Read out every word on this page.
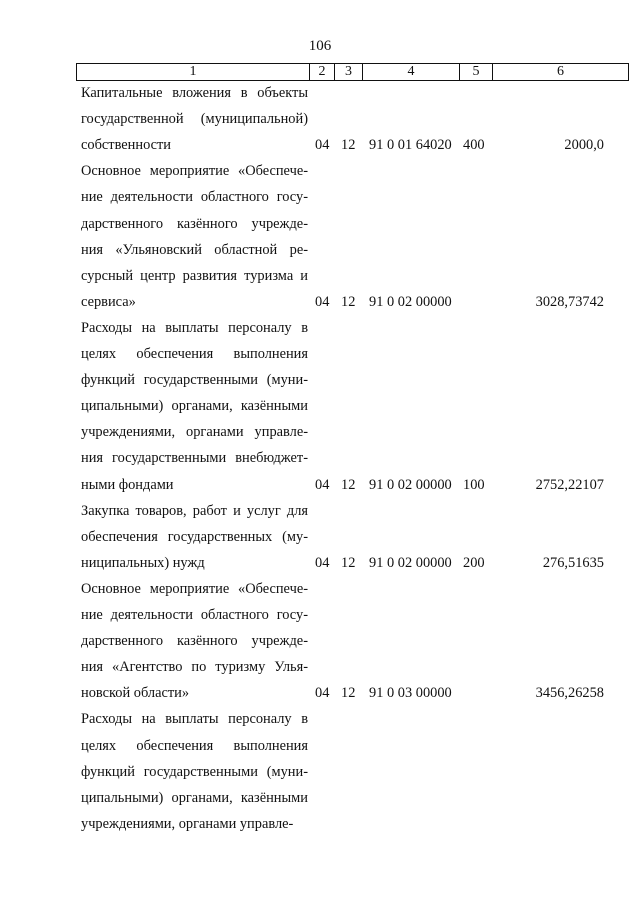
106
1	2	3	4	5	6
Капитальные вложения в объекты
государственной (муниципальной)
собственности	04 12 91 0 01 64020 400	2000,0
Основное мероприятие «Обеспече-
ние деятельности областного госу-
дарственного казённого учрежде-
ния «Ульяновский областной ре-
сурсный центр развития туризма и
сервиса»	04 12 91 0 02 00000	3028,73742
Расходы на выплаты персоналу в
целях обеспечения выполнения
функций государственными (муни-
ципальными) органами, казёнными
учреждениями, органами управле-
ния государственными внебюджет-
ными фондами	04 12 91 0 02 00000 100	2752,22107
Закупка товаров, работ и услуг для
обеспечения государственных (му-
ниципальных) нужд	04 12 91 0 02 00000 200	276,51635
Основное мероприятие «Обеспече-
ние деятельности областного госу-
дарственного казённого учрежде-
ния «Агентство по туризму Улья-
новской области»	04 12 91 0 03 00000	3456,26258
Расходы на выплаты персоналу в
целях обеспечения выполнения
функций государственными (муни-
ципальными) органами, казёнными
учреждениями, органами управле-
